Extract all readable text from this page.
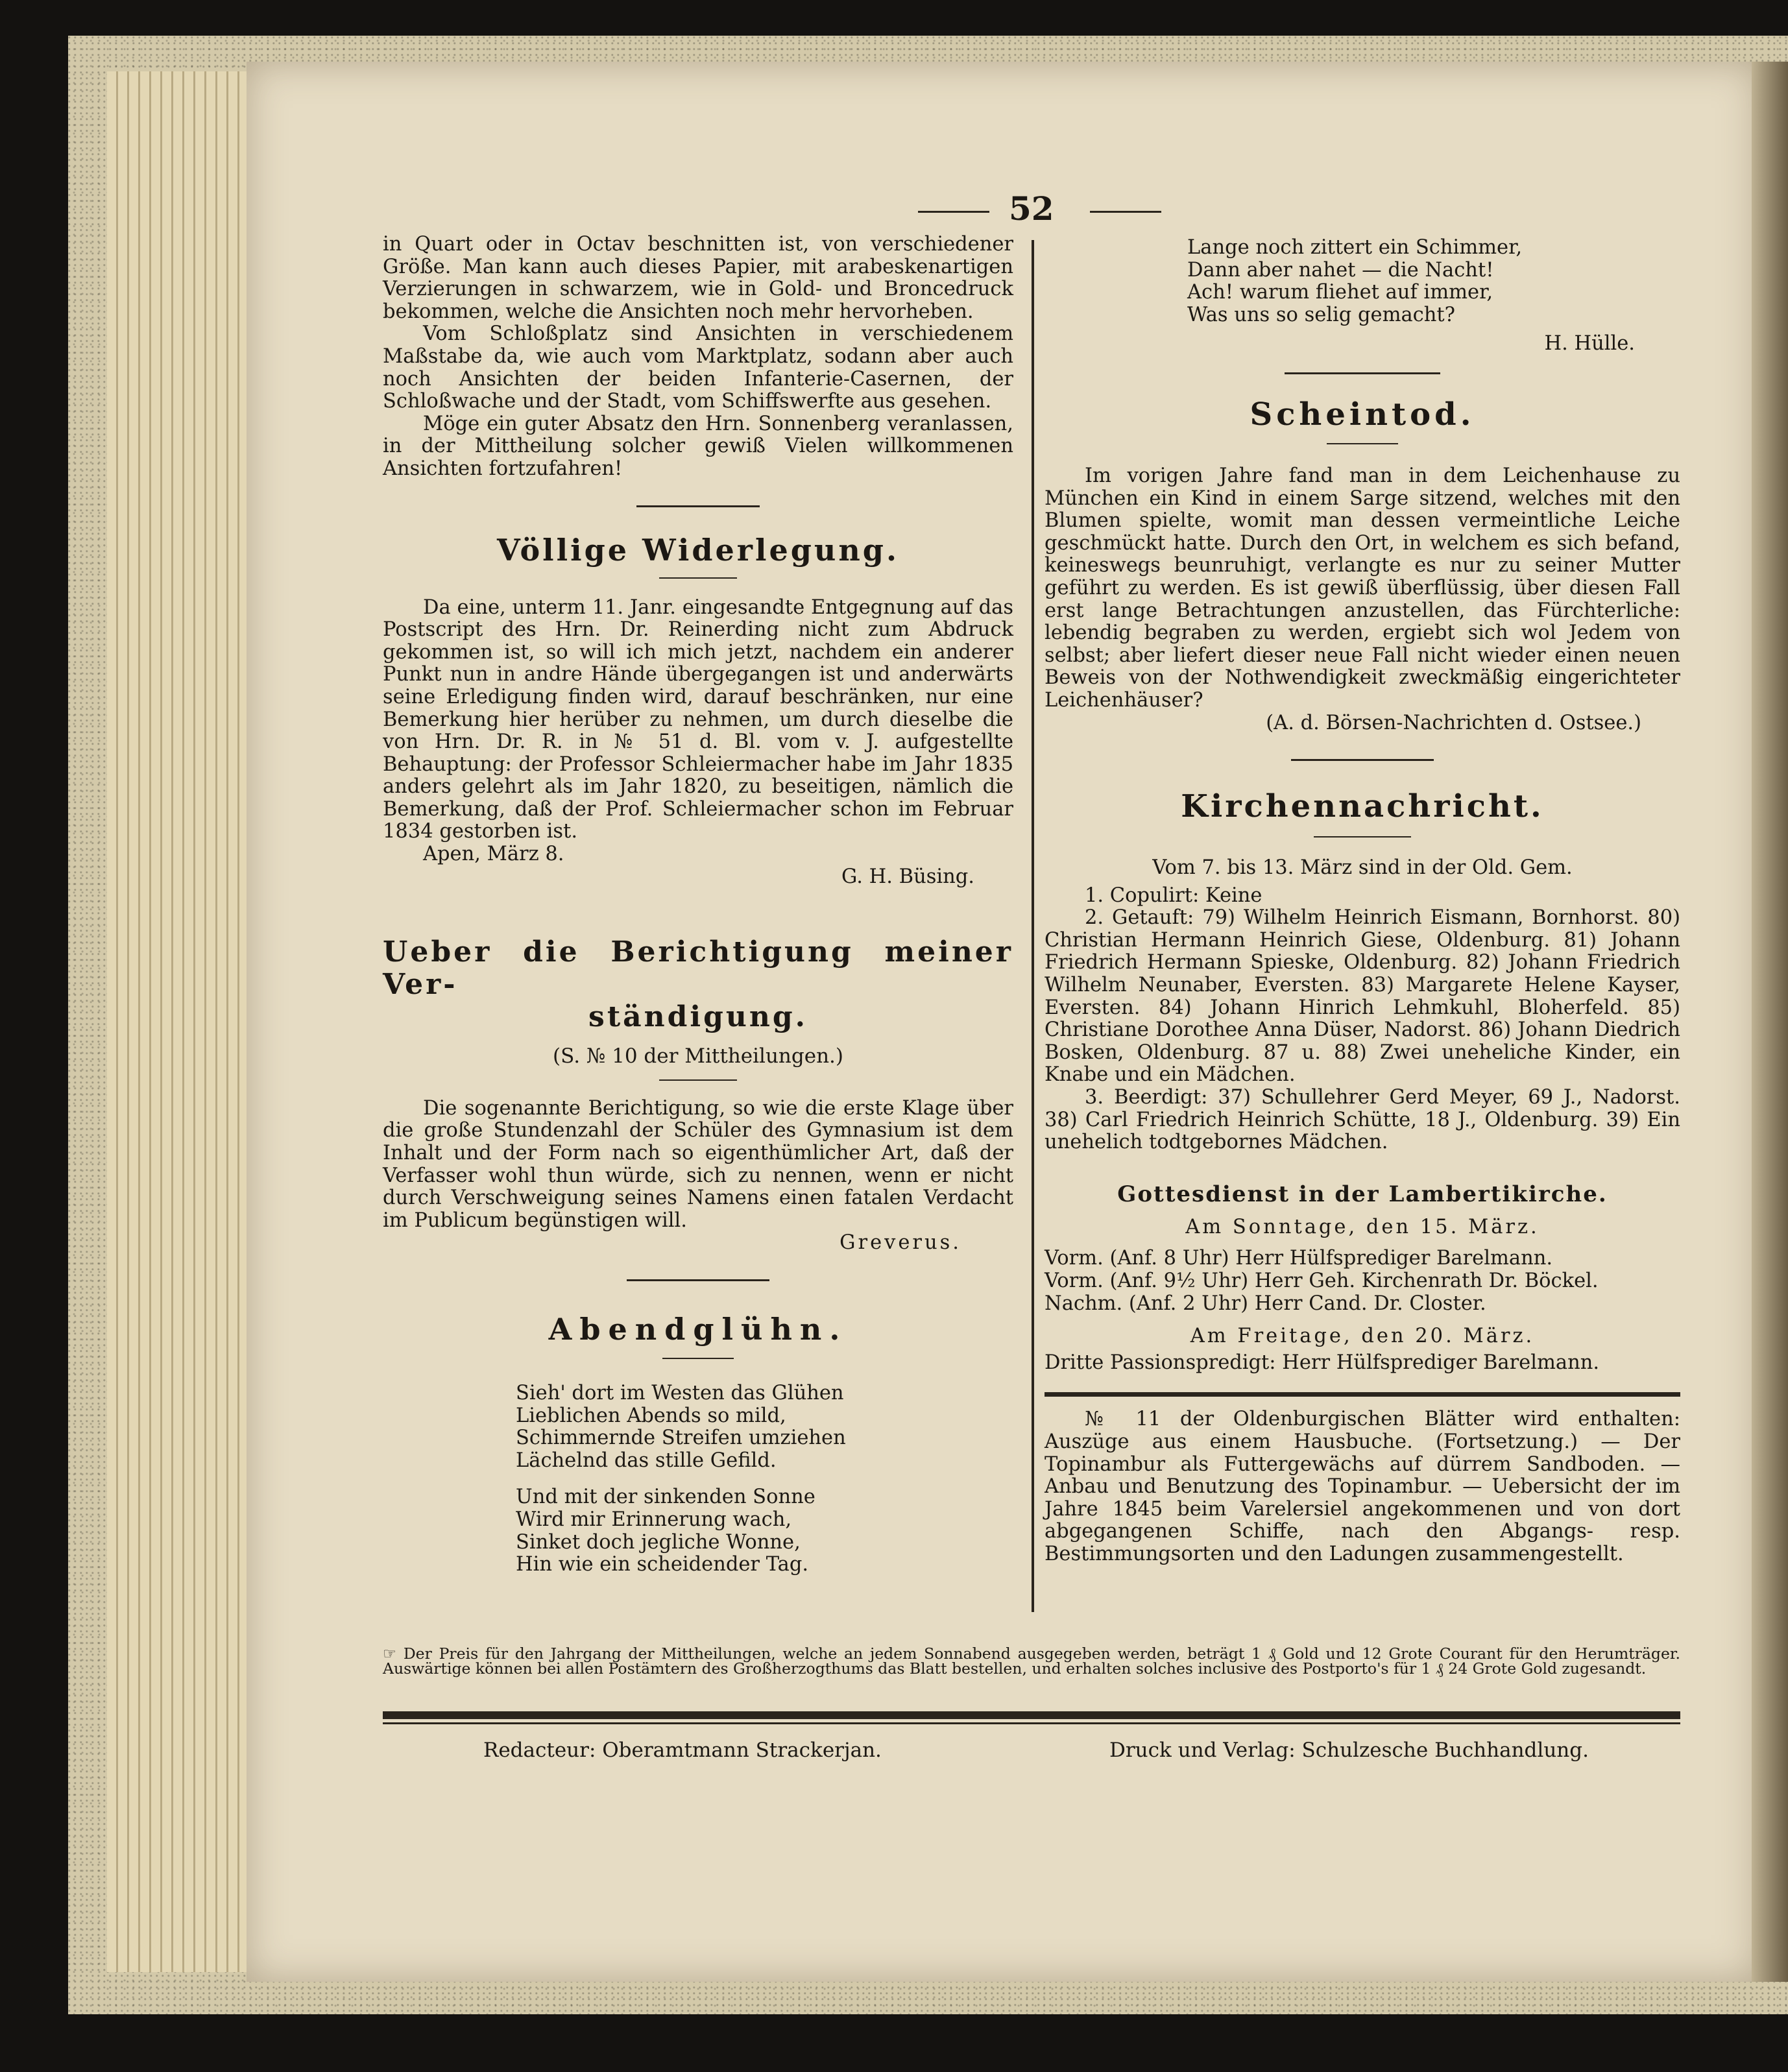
52

in Quart oder in Octav beschnitten ist, von verschiedener Größe. Man kann auch dieses Papier, mit arabeskenartigen Verzierungen in schwarzem, wie in Gold- und Broncedruck bekommen, welche die Ansichten noch mehr hervorheben.

Vom Schloßplatz sind Ansichten in verschiedenem Maßstabe da, wie auch vom Marktplatz, sodann aber auch noch Ansichten der beiden Infanterie-Casernen, der Schloßwache und der Stadt, vom Schiffswerfte aus gesehen.

Möge ein guter Absatz den Hrn. Sonnenberg veranlassen, in der Mittheilung solcher gewiß Vielen willkommenen Ansichten fortzufahren!

Völlige Widerlegung.

Da eine, unterm 11. Janr. eingesandte Entgegnung auf das Postscript des Hrn. Dr. Reinerding nicht zum Abdruck gekommen ist, so will ich mich jetzt, nachdem ein anderer Punkt nun in andre Hände übergegangen ist und anderwärts seine Erledigung finden wird, darauf beschränken, nur eine Bemerkung hier herüber zu nehmen, um durch dieselbe die von Hrn. Dr. R. in № 51 d. Bl. vom v. J. aufgestellte Behauptung: der Professor Schleiermacher habe im Jahr 1835 anders gelehrt als im Jahr 1820, zu beseitigen, nämlich die Bemerkung, daß der Prof. Schleiermacher schon im Februar 1834 gestorben ist.

Apen, März 8.

G. H. Büsing.

Ueber die Berichtigung meiner Ver-
ständigung.

(S. № 10 der Mittheilungen.)

Die sogenannte Berichtigung, so wie die erste Klage über die große Stundenzahl der Schüler des Gymnasium ist dem Inhalt und der Form nach so eigenthümlicher Art, daß der Verfasser wohl thun würde, sich zu nennen, wenn er nicht durch Verschweigung seines Namens einen fatalen Verdacht im Publicum begünstigen will.

Greverus.

Abendglühn.
Sieh' dort im Westen das Glühen
Lieblichen Abends so mild,
Schimmernde Streifen umziehen
Lächelnd das stille Gefild.
Und mit der sinkenden Sonne
Wird mir Erinnerung wach,
Sinket doch jegliche Wonne,
Hin wie ein scheidender Tag.
Lange noch zittert ein Schimmer,
Dann aber nahet — die Nacht!
Ach! warum fliehet auf immer,
Was uns so selig gemacht?

H. Hülle.

Scheintod.

Im vorigen Jahre fand man in dem Leichenhause zu München ein Kind in einem Sarge sitzend, welches mit den Blumen spielte, womit man dessen vermeintliche Leiche geschmückt hatte. Durch den Ort, in welchem es sich befand, keineswegs beunruhigt, verlangte es nur zu seiner Mutter geführt zu werden. Es ist gewiß überflüssig, über diesen Fall erst lange Betrachtungen anzustellen, das Fürchterliche: lebendig begraben zu werden, ergiebt sich wol Jedem von selbst; aber liefert dieser neue Fall nicht wieder einen neuen Beweis von der Nothwendigkeit zweckmäßig eingerichteter Leichenhäuser?

(A. d. Börsen-Nachrichten d. Ostsee.)

Kirchennachricht.

Vom 7. bis 13. März sind in der Old. Gem.

1. Copulirt: Keine

2. Getauft: 79) Wilhelm Heinrich Eismann, Bornhorst. 80) Christian Hermann Heinrich Giese, Oldenburg. 81) Johann Friedrich Hermann Spieske, Oldenburg. 82) Johann Friedrich Wilhelm Neunaber, Eversten. 83) Margarete Helene Kayser, Eversten. 84) Johann Hinrich Lehmkuhl, Bloherfeld. 85) Christiane Dorothee Anna Düser, Nadorst. 86) Johann Diedrich Bosken, Oldenburg. 87 u. 88) Zwei uneheliche Kinder, ein Knabe und ein Mädchen.

3. Beerdigt: 37) Schullehrer Gerd Meyer, 69 J., Nadorst. 38) Carl Friedrich Heinrich Schütte, 18 J., Oldenburg. 39) Ein unehelich todtgebornes Mädchen.

Gottesdienst in der Lambertikirche.

Am Sonntage, den 15. März.

Vorm. (Anf. 8 Uhr) Herr Hülfsprediger Barelmann.

Vorm. (Anf. 9½ Uhr) Herr Geh. Kirchenrath Dr. Böckel.

Nachm. (Anf. 2 Uhr) Herr Cand. Dr. Closter.

Am Freitage, den 20. März.

Dritte Passionspredigt: Herr Hülfsprediger Barelmann.

№ 11 der Oldenburgischen Blätter wird enthalten: Auszüge aus einem Hausbuche. (Fortsetzung.) — Der Topinambur als Futtergewächs auf dürrem Sandboden. — Anbau und Benutzung des Topinambur. — Uebersicht der im Jahre 1845 beim Varelersiel angekommenen und von dort abgegangenen Schiffe, nach den Abgangs- resp. Bestimmungsorten und den Ladungen zusammengestellt.

☞ Der Preis für den Jahrgang der Mittheilungen, welche an jedem Sonnabend ausgegeben werden, beträgt 1 ₰ Gold und 12 Grote Courant für den Herumträger. Auswärtige können bei allen Postämtern des Großherzogthums das Blatt bestellen, und erhalten solches inclusive des Postporto's für 1 ₰ 24 Grote Gold zugesandt.
Redacteur: Oberamtmann Strackerjan.	Druck und Verlag: Schulzesche Buchhandlung.
